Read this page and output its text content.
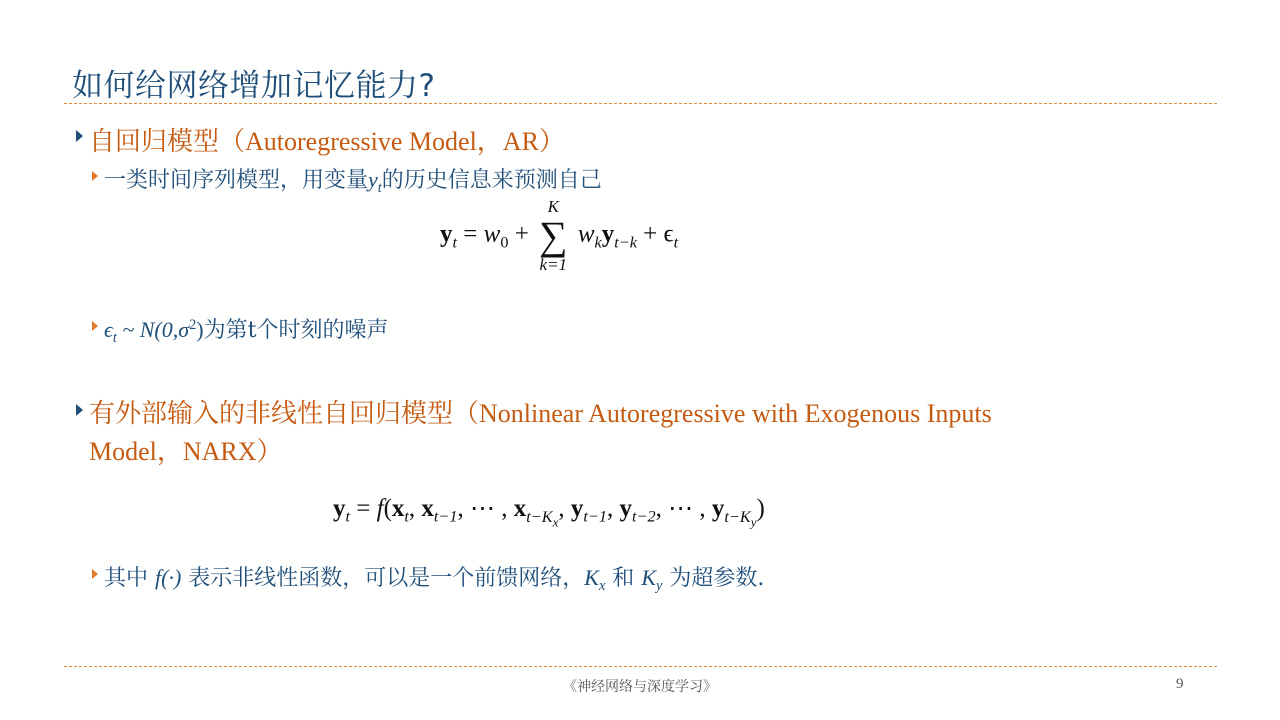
如何给网络增加记忆能力?
自回归模型（Autoregressive Model，AR）
一类时间序列模型，用变量$y_t$的历史信息来预测自己
$y_t = w_0$ +
K
∑
k=1
$w_ky_{t-k} + \epsilon_t$
$\epsilon_t$ ~ $N(0,\sigma^2)$为第t个时刻的噪声
有外部输入的非线性自回归模型（Nonlinear Autoregressive with Exogenous Inputs
Model，NARX）
$y_t = f(x_t$, $x_{t-1}$, ⋯ , $x_{t-K_x}$, $y_{t-1}$, $y_{t-2}$, ⋯ , $y_{t-K_y}$)
其中 f(·) 表示非线性函数，可以是一个前馈网络，$K_x$ 和 $K_y$ 为超参数.
《神经网络与深度学习》	9
